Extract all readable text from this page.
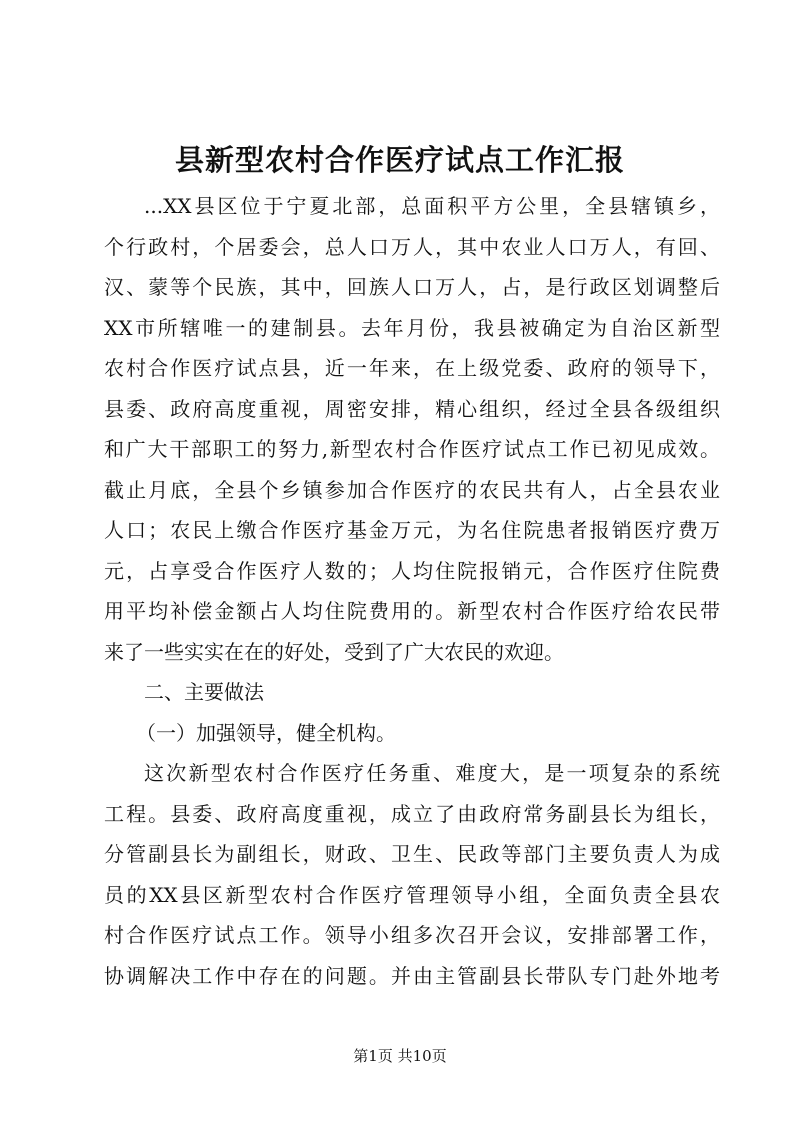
县新型农村合作医疗试点工作汇报
...XX县区位于宁夏北部，总面积平方公里，全县辖镇乡，
个行政村，个居委会，总人口万人，其中农业人口万人，有回、
汉、蒙等个民族，其中，回族人口万人，占，是行政区划调整后
XX市所辖唯一的建制县。去年月份，我县被确定为自治区新型
农村合作医疗试点县，近一年来，在上级党委、政府的领导下，
县委、政府高度重视，周密安排，精心组织，经过全县各级组织
和广大干部职工的努力,新型农村合作医疗试点工作已初见成效。
截止月底，全县个乡镇参加合作医疗的农民共有人，占全县农业
人口；农民上缴合作医疗基金万元，为名住院患者报销医疗费万
元，占享受合作医疗人数的；人均住院报销元，合作医疗住院费
用平均补偿金额占人均住院费用的。新型农村合作医疗给农民带
来了一些实实在在的好处，受到了广大农民的欢迎。
二、主要做法
（一）加强领导，健全机构。
这次新型农村合作医疗任务重、难度大，是一项复杂的系统
工程。县委、政府高度重视，成立了由政府常务副县长为组长，
分管副县长为副组长，财政、卫生、民政等部门主要负责人为成
员的XX县区新型农村合作医疗管理领导小组，全面负责全县农
村合作医疗试点工作。领导小组多次召开会议，安排部署工作，
协调解决工作中存在的问题。并由主管副县长带队专门赴外地考
第1页 共10页
